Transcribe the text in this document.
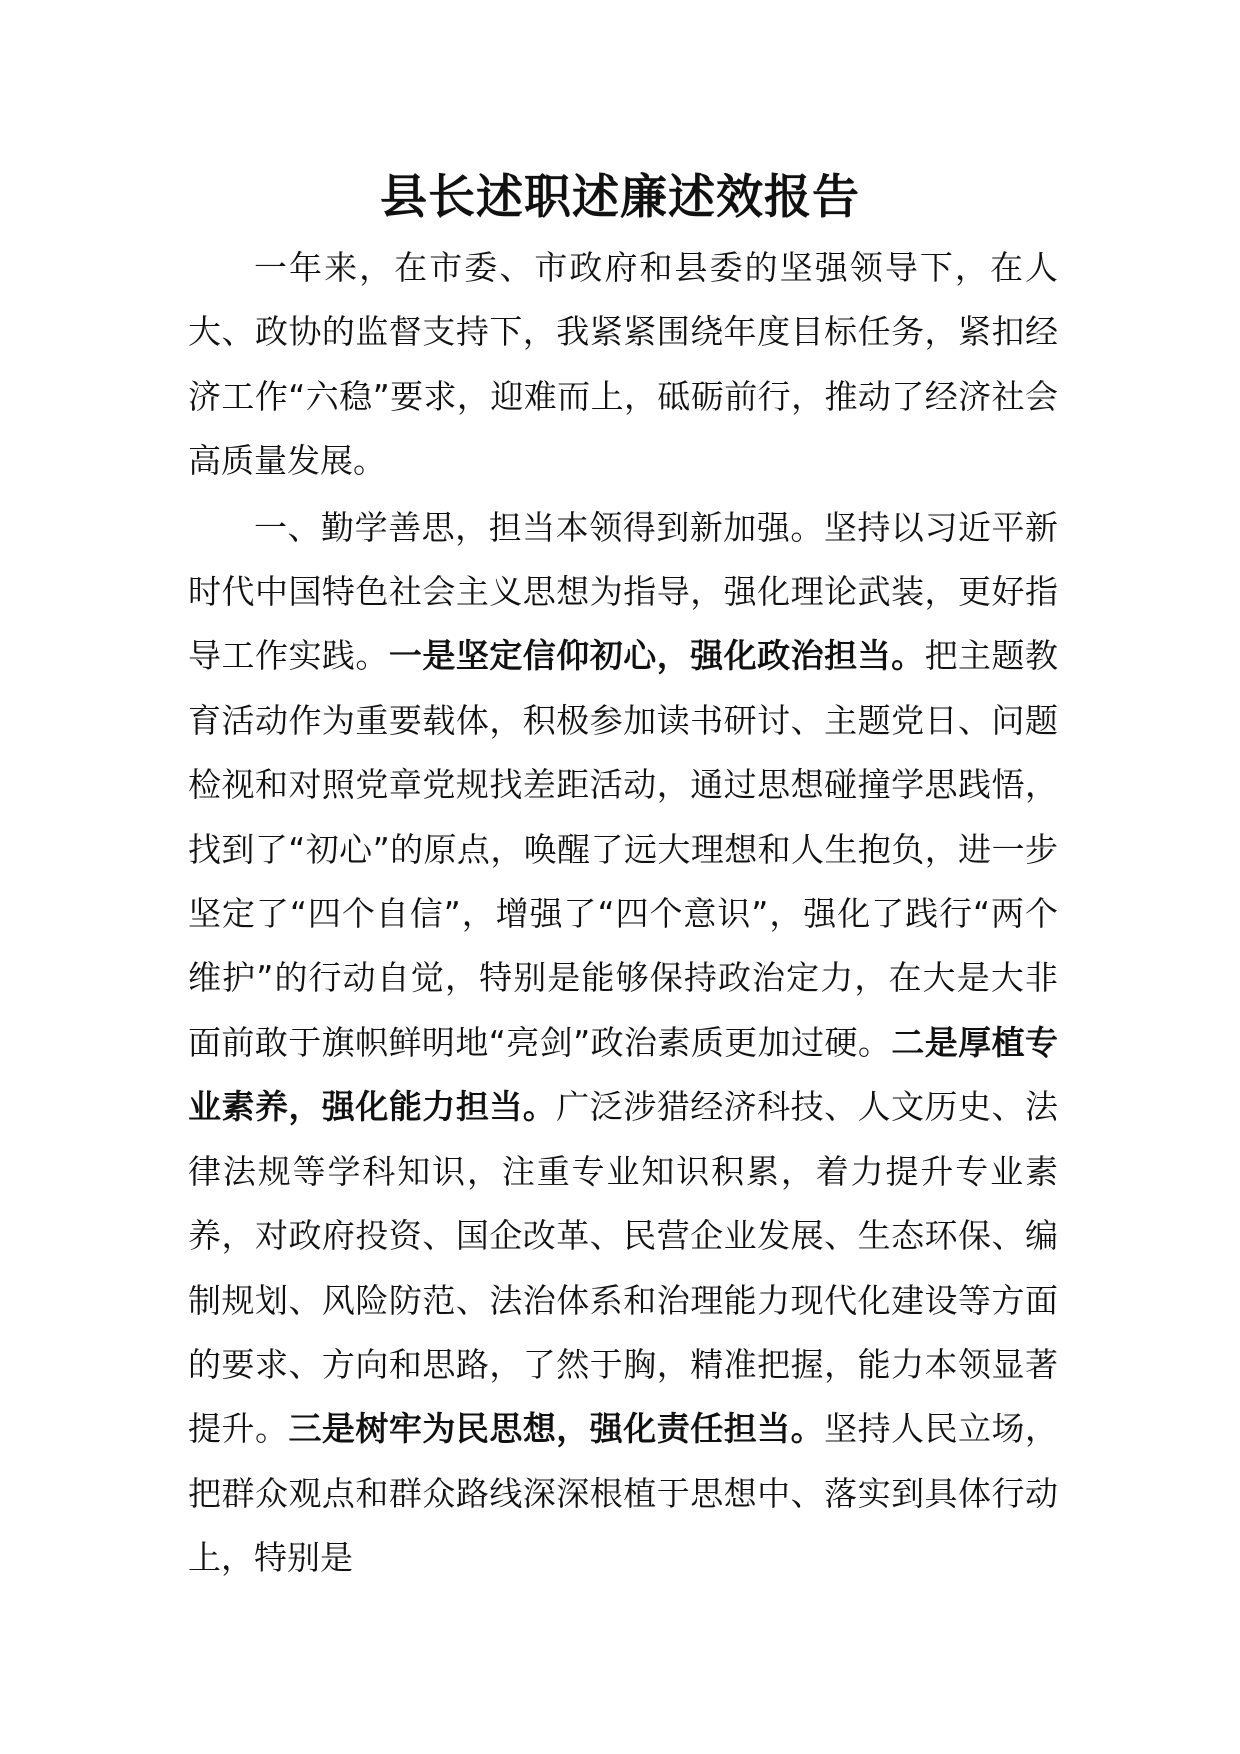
县长述职述廉述效报告

一年来，在市委、市政府和县委的坚强领导下，在人大、政协的监督支持下，我紧紧围绕年度目标任务，紧扣经济工作“六稳”要求，迎难而上，砥砺前行，推动了经济社会高质量发展。

一、勤学善思，担当本领得到新加强。坚持以习近平新时代中国特色社会主义思想为指导，强化理论武装，更好指导工作实践。一是坚定信仰初心，强化政治担当。把主题教育活动作为重要载体，积极参加读书研讨、主题党日、问题检视和对照党章党规找差距活动，通过思想碰撞学思践悟，找到了“初心”的原点，唤醒了远大理想和人生抱负，进一步坚定了“四个自信”，增强了“四个意识”，强化了践行“两个维护”的行动自觉，特别是能够保持政治定力，在大是大非面前敢于旗帜鲜明地“亮剑”政治素质更加过硬。二是厚植专业素养，强化能力担当。广泛涉猎经济科技、人文历史、法律法规等学科知识，注重专业知识积累，着力提升专业素养，对政府投资、国企改革、民营企业发展、生态环保、编制规划、风险防范、法治体系和治理能力现代化建设等方面的要求、方向和思路，了然于胸，精准把握，能力本领显著提升。三是树牢为民思想，强化责任担当。坚持人民立场，把群众观点和群众路线深深根植于思想中、落实到具体行动上，特别是
